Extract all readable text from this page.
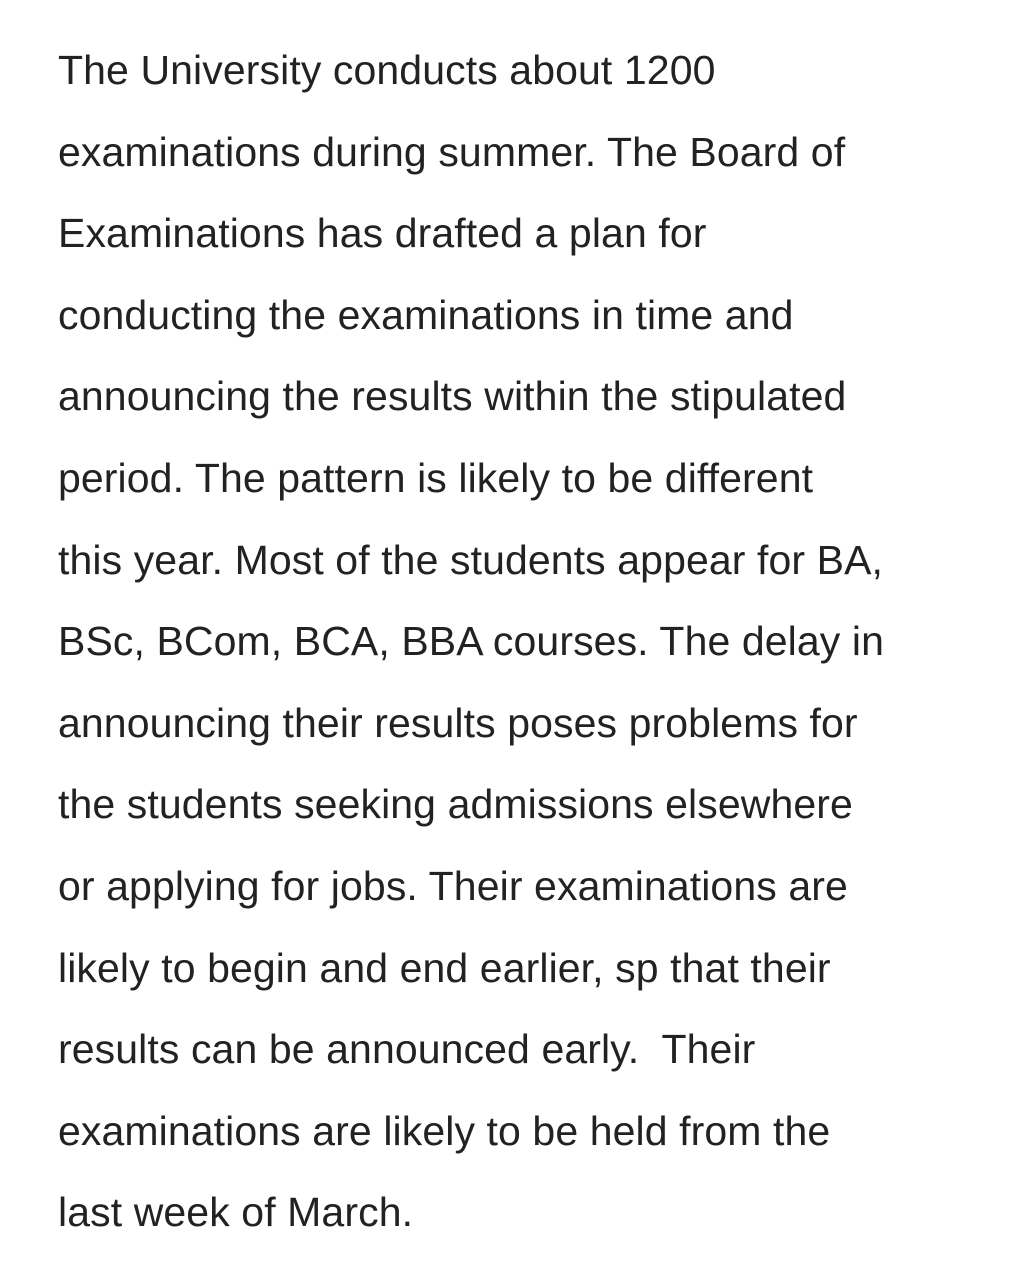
The University conducts about 1200
examinations during summer. The Board of
Examinations has drafted a plan for
conducting the examinations in time and
announcing the results within the stipulated
period. The pattern is likely to be different
this year. Most of the students appear for BA,
BSc, BCom, BCA, BBA courses. The delay in
announcing their results poses problems for
the students seeking admissions elsewhere
or applying for jobs. Their examinations are
likely to begin and end earlier, sp that their
results can be announced early.  Their
examinations are likely to be held from the
last week of March.
